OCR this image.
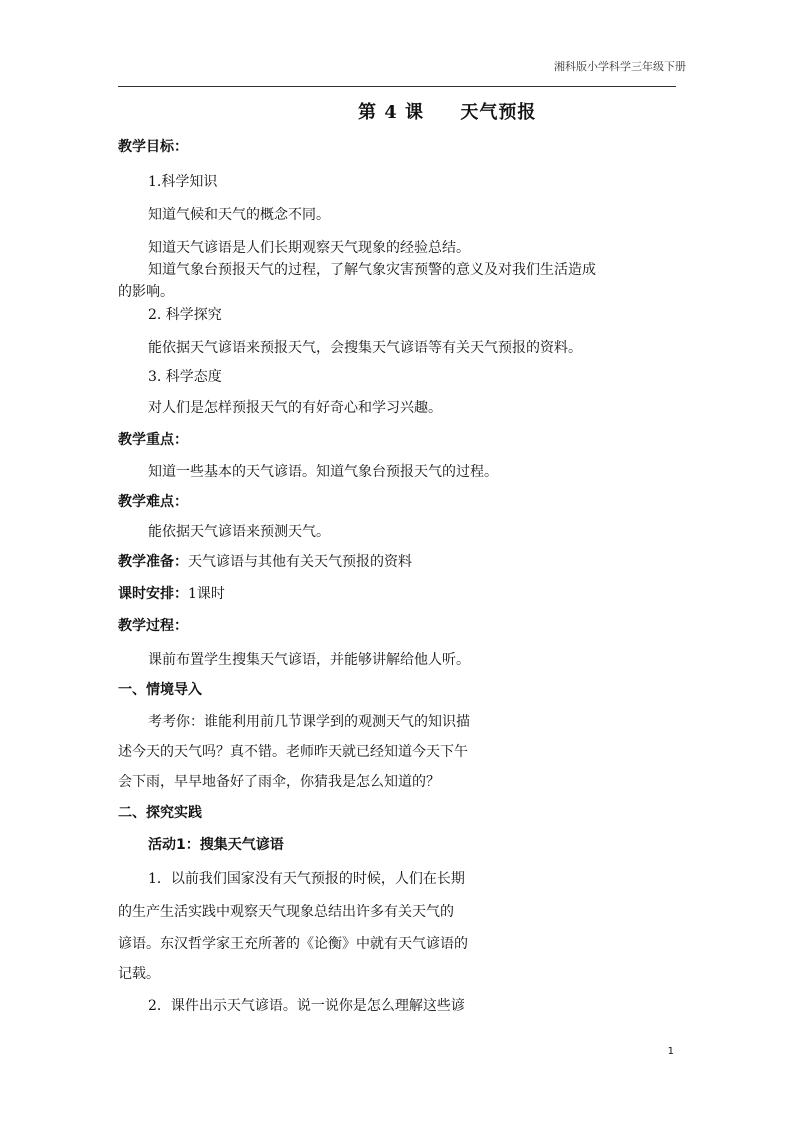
湘科版小学科学三年级下册
第 4 课     天气预报
教学目标：
1.科学知识
知道气候和天气的概念不同。
知道天气谚语是人们长期观察天气现象的经验总结。
知道气象台预报天气的过程，了解气象灾害预警的意义及对我们生活造成
的影响。
2. 科学探究
能依据天气谚语来预报天气，会搜集天气谚语等有关天气预报的资料。
3. 科学态度
对人们是怎样预报天气的有好奇心和学习兴趣。
教学重点：
知道一些基本的天气谚语。知道气象台预报天气的过程。
教学难点：
能依据天气谚语来预测天气。
教学准备：天气谚语与其他有关天气预报的资料
课时安排：1课时
教学过程：
课前布置学生搜集天气谚语，并能够讲解给他人听。
一、情境导入
考考你：谁能利用前几节课学到的观测天气的知识描
述今天的天气吗？真不错。老师昨天就已经知道今天下午
会下雨，早早地备好了雨伞，你猜我是怎么知道的？
二、探究实践
活动1：搜集天气谚语
1．以前我们国家没有天气预报的时候，人们在长期
的生产生活实践中观察天气现象总结出许多有关天气的
谚语。东汉哲学家王充所著的《论衡》中就有天气谚语的
记载。
2．课件出示天气谚语。说一说你是怎么理解这些谚
1
